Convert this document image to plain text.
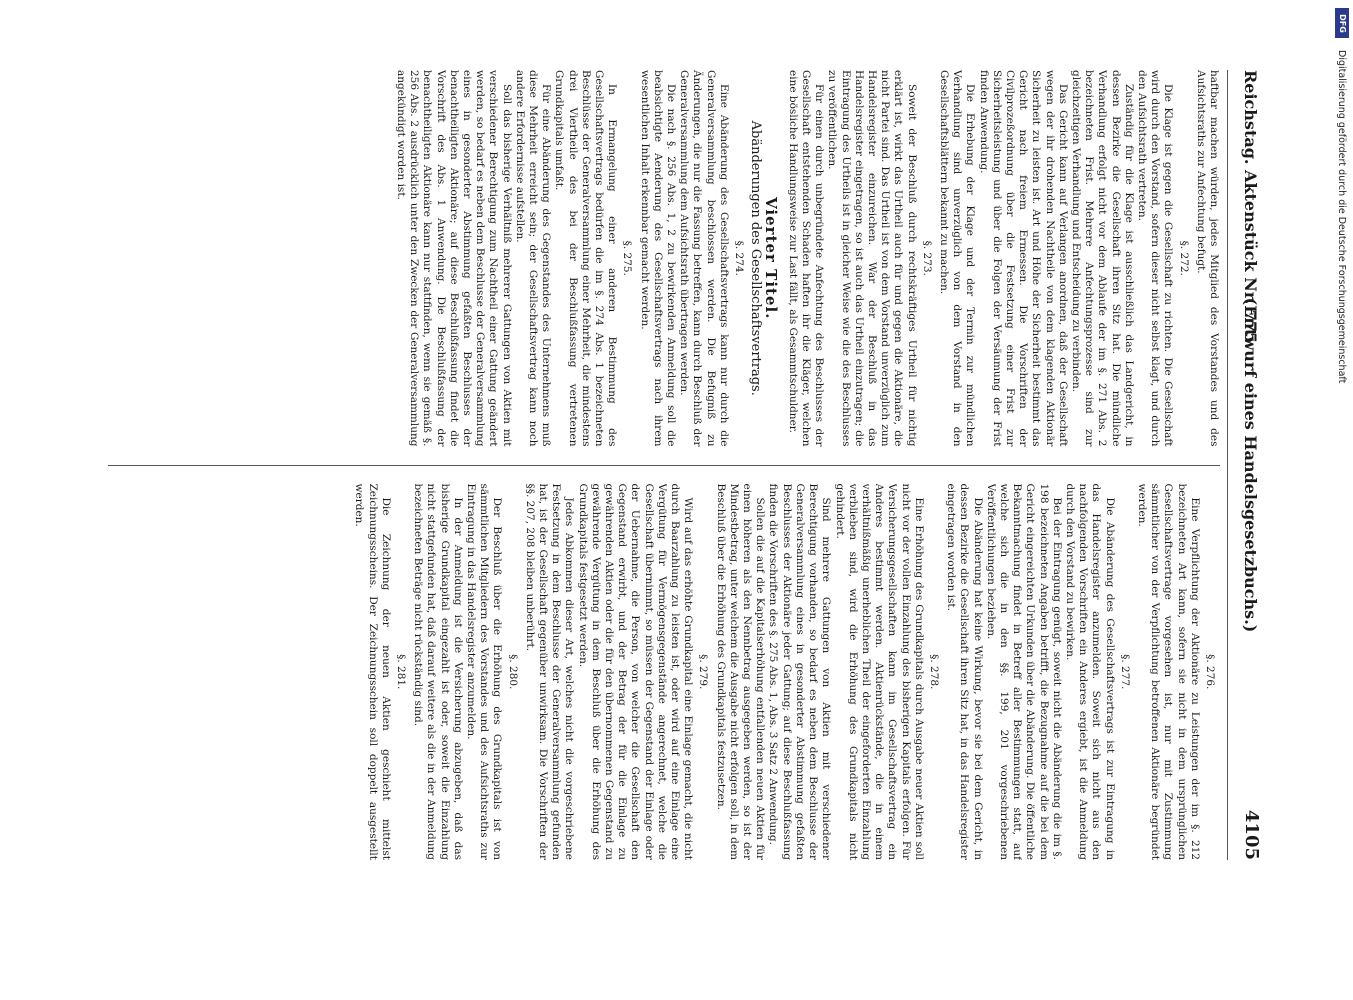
Reichstag. Aktenstück Nr. 775.
(Entwurf eines Handelsgesetzbuchs.)
4105

haftbar machen würden, jedes Mitglied des Vorstandes und des Aufsichtsraths zur Anfechtung befugt.

§. 272.

Die Klage ist gegen die Gesellschaft zu richten. Die Gesellschaft wird durch den Vorstand, sofern dieser nicht selbst klagt, und durch den Aufsichtsrath vertreten.

Zuständig für die Klage ist ausschließlich das Landgericht, in dessen Bezirke die Gesellschaft ihren Sitz hat. Die mündliche Verhandlung erfolgt nicht vor dem Ablaufe der im §. 271 Abs. 2 bezeichneten Frist. Mehrere Anfechtungsprozesse sind zur gleichzeitigen Verhandlung und Entscheidung zu verbinden.

Das Gericht kann auf Verlangen anordnen, daß der Gesellschaft wegen der ihr drohenden Nachtheile von dem klagenden Aktionär Sicherheit zu leisten ist. Art und Höhe der Sicherheit bestimmt das Gericht nach freiem Ermessen. Die Vorschriften der Civilprozeßordnung über die Festsetzung einer Frist zur Sicherheitsleistung und über die Folgen der Versäumung der Frist finden Anwendung.

Die Erhebung der Klage und der Termin zur mündlichen Verhandlung sind unverzüglich von dem Vorstand in den Gesellschaftsblättern bekannt zu machen.

§. 273.

Soweit der Beschluß durch rechtskräftiges Urtheil für nichtig erklärt ist, wirkt das Urtheil auch für und gegen die Aktionäre, die nicht Partei sind. Das Urtheil ist von dem Vorstand unverzüglich zum Handelsregister einzureichen. War der Beschluß in das Handelsregister eingetragen, so ist auch das Urtheil einzutragen; die Eintragung des Urtheils ist in gleicher Weise wie die des Beschlusses zu veröffentlichen.

Für einen durch unbegründete Anfechtung des Beschlusses der Gesellschaft entstehenden Schaden haften ihr die Kläger, welchen eine bösliche Handlungsweise zur Last fällt, als Gesammtschuldner.

Vierter Titel.
Abänderungen des Gesellschaftsvertrags.
§. 274.

Eine Abänderung des Gesellschaftsvertrags kann nur durch die Generalversammlung beschlossen werden. Die Befugniß zu Änderungen, die nur die Fassung betreffen, kann durch Beschluß der Generalversammlung dem Aufsichtsrath übertragen werden.

Die nach §. 256 Abs. 1, 2 zu bewirkenden Anmeldung soll die beabsichtigte Aenderung des Gesellschaftsvertrags nach ihrem wesentlichen Inhalt erkennbar gemacht werden.

§. 275.

In Ermangelung einer anderen Bestimmung des Gesellschaftsvertrags bedürfen die im §. 274 Abs. 1 bezeichneten Beschlüsse der Generalversammlung einer Mehrheit, die mindestens drei Viertheile des bei der Beschlußfassung vertretenen Grundkapitals umfaßt.

Für eine Abänderung des Gegenstandes des Unternehmens muß diese Mehrheit erreicht sein; der Gesellschaftsvertrag kann noch andere Erfordernisse aufstellen.

Soll das bisherige Verhältniß mehrerer Gattungen von Aktien mit verschiedener Berechtigung zum Nachtheil einer Gattung geändert werden, so bedarf es neben dem Beschlusse der Generalversammlung eines in gesonderter Abstimmung gefaßten Beschlusses der benachtheiligten Aktionäre; auf diese Beschlußfassung findet die Vorschrift des Abs. 1 Anwendung. Die Beschlußfassung der benachtheiligten Aktionäre kann nur stattfinden, wenn sie gemäß §. 256 Abs. 2 ausdrücklich unter den Zwecken der Generalversammlung angekündigt worden ist.

§. 276.

Eine Verpflichtung der Aktionäre zu Leistungen der im §. 212 bezeichneten Art kann, sofern sie nicht in dem ursprünglichen Gesellschaftsvertrage vorgesehen ist, nur mit Zustimmung sämmtlicher von der Verpflichtung betroffenen Aktionäre begründet werden.

§. 277.

Die Abänderung des Gesellschaftsvertrags ist zur Eintragung in das Handelsregister anzumelden. Soweit sich nicht aus den nachfolgenden Vorschriften ein Anderes ergiebt, ist die Anmeldung durch den Vorstand zu bewirken.

Bei der Eintragung genügt, soweit nicht die Abänderung die im §. 198 bezeichneten Angaben betrifft, die Bezugnahme auf die bei dem Gericht eingereichten Urkunden über die Abänderung. Die öffentliche Bekanntmachung findet in Betreff aller Bestimmungen statt, auf welche sich die in den §§. 199, 201 vorgeschriebenen Veröffentlichungen beziehen.

Die Abänderung hat keine Wirkung, bevor sie bei dem Gericht, in dessen Bezirke die Gesellschaft ihren Sitz hat, in das Handelsregister eingetragen worden ist.

§. 278.

Eine Erhöhung des Grundkapitals durch Ausgabe neuer Aktien soll nicht vor der vollen Einzahlung des bisherigen Kapitals erfolgen. Für Versicherungsgesellschaften kann im Gesellschaftsvertrag ein Anderes bestimmt werden. Aktienrückstände, die in einem verhältnißmäßig unerheblichen Theil der eingeforderten Einzahlung verblieben sind, wird die Erhöhung des Grundkapitals nicht gehindert.

Sind mehrere Gattungen von Aktien mit verschiedener Berechtigung vorhanden, so bedarf es neben dem Beschlusse der Generalversammlung eines in gesonderter Abstimmung gefaßten Beschlusses der Aktionäre jeder Gattung; auf diese Beschlußfassung finden die Vorschriften des §. 275 Abs. 1, Abs. 3 Satz 2 Anwendung.

Sollen die auf die Kapitalserhöhung entfallenden neuen Aktien für einen höheren als den Nennbetrag ausgegeben werden, so ist der Mindestbetrag, unter welchem die Ausgabe nicht erfolgen soll, in dem Beschluß über die Erhöhung des Grundkapitals festzusetzen.

§. 279.

Wird auf das erhöhte Grundkapital eine Einlage gemacht, die nicht durch Baarzahlung zu leisten ist, oder wird auf eine Einlage eine Vergütung für Vermögensgegenstände angerechnet, welche die Gesellschaft übernimmt, so müssen der Gegenstand der Einlage oder der Uebernahme, die Person, von welcher die Gesellschaft den Gegenstand erwirbt, und der Betrag der für die Einlage zu gewährenden Aktien oder die für den übernommenen Gegenstand zu gewährende Vergütung in dem Beschluß über die Erhöhung des Grundkapitals festgesetzt werden.

Jedes Abkommen dieser Art, welches nicht die vorgeschriebene Festsetzung in dem Beschlusse der Generalversammlung gefunden hat, ist der Gesellschaft gegenüber unwirksam. Die Vorschriften der §§. 207, 208 bleiben unberührt.

§. 280.

Der Beschluß über die Erhöhung des Grundkapitals ist von sämmtlichen Mitgliedern des Vorstandes und des Aufsichtsraths zur Eintragung in das Handelsregister anzumelden.

In der Anmeldung ist die Versicherung abzugeben, daß das bisherige Grundkapital eingezahlt ist oder, soweit die Einzahlung nicht stattgefunden hat, daß darauf weitere als die in der Anmeldung bezeichneten Beträge nicht rückständig sind.

§. 281.

Die Zeichnung der neuen Aktien geschieht mittelst Zeichnungsscheins. Der Zeichnungsschein soll doppelt ausgestellt werden.

DFG
Digitalisierung gefördert durch die Deutsche Forschungsgemeinschaft
